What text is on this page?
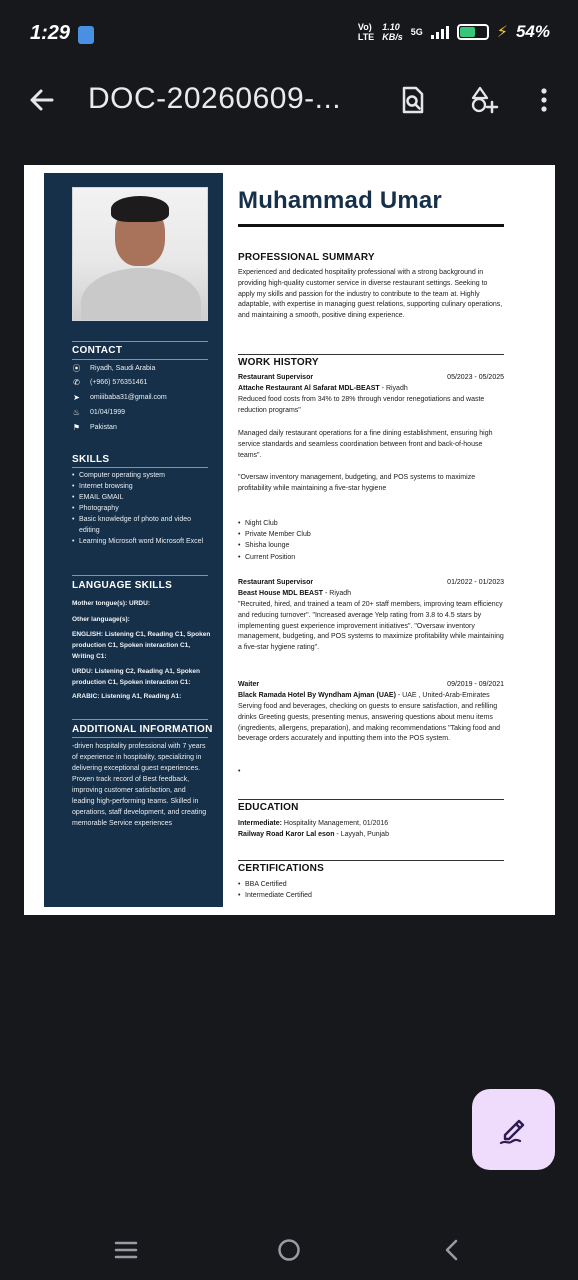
1:29	Vo)
LTE
1.10
KB/s 5G	⚡ 54%
DOC-20260609-...
CONTACT
⦿ Riyadh, Saudi Arabia
✆ (+966) 576351461
➤ omiiibaba31@gmail.com
♨ 01/04/1999
⚑ Pakistan
SKILLS
• Computer operating system
• Internet browsing
• EMAIL GMAIL
• Photography
• Basic knowledge of photo and video editing
• Learning Microsoft word Microsoft Excel
LANGUAGE SKILLS
Mother tongue(s): URDU:
Other language(s):
ENGLISH: Listening C1, Reading C1, Spoken production C1, Spoken interaction C1, Writing C1:
URDU: Listening C2, Reading A1, Spoken production C1, Spoken interaction C1:
ARABIC: Listening A1, Reading A1:
ADDITIONAL INFORMATION
-driven hospitality professional with 7 years of experience in hospitality, specializing in delivering exceptional guest experiences. Proven track record of Best feedback, improving customer satisfaction, and leading high-performing teams. Skilled in operations, staff development, and creating memorable Service experiences
Muhammad Umar
PROFESSIONAL SUMMARY
Experienced and dedicated hospitality professional with a strong background in providing high-quality customer service in diverse restaurant settings. Seeking to apply my skills and passion for the industry to contribute to the team at. Highly adaptable, with expertise in managing guest relations, supporting culinary operations, and maintaining a smooth, positive dining experience.
WORK HISTORY
Restaurant Supervisor	05/2023 - 05/2025
Attache Restaurant Al Safarat MDL-BEAST - Riyadh
Reduced food costs from 34% to 28% through vendor renegotiations and waste reduction programs"
Managed daily restaurant operations for a fine dining establishment, ensuring high service standards and seamless coordination between front and back-of-house teams".
"Oversaw inventory management, budgeting, and POS systems to maximize profitability while maintaining a five-star hygiene
• Night Club
• Private Member Club
• Shisha lounge
• Current Position
Restaurant Supervisor	01/2022 - 01/2023
Beast House MDL BEAST - Riyadh
"Recruited, hired, and trained a team of 20+ staff members, improving team efficiency and reducing turnover". "Increased average Yelp rating from 3.8 to 4.5 stars by implementing guest experience improvement initiatives". "Oversaw inventory management, budgeting, and POS systems to maximize profitability while maintaining a five-star hygiene rating".
Waiter	09/2019 - 09/2021
Black Ramada Hotel By Wyndham Ajman (UAE) - UAE , United-Arab-Emirates
Serving food and beverages, checking on guests to ensure satisfaction, and refilling drinks Greeting guests, presenting menus, answering questions about menu items (ingredients, allergens, preparation), and making recommendations "Taking food and beverage orders accurately and inputting them into the POS system.
•
EDUCATION
Intermediate: Hospitality Management, 01/2016
Railway Road Karor Lal eson - Layyah, Punjab
CERTIFICATIONS
• BBA Certified
• Intermediate Certified
